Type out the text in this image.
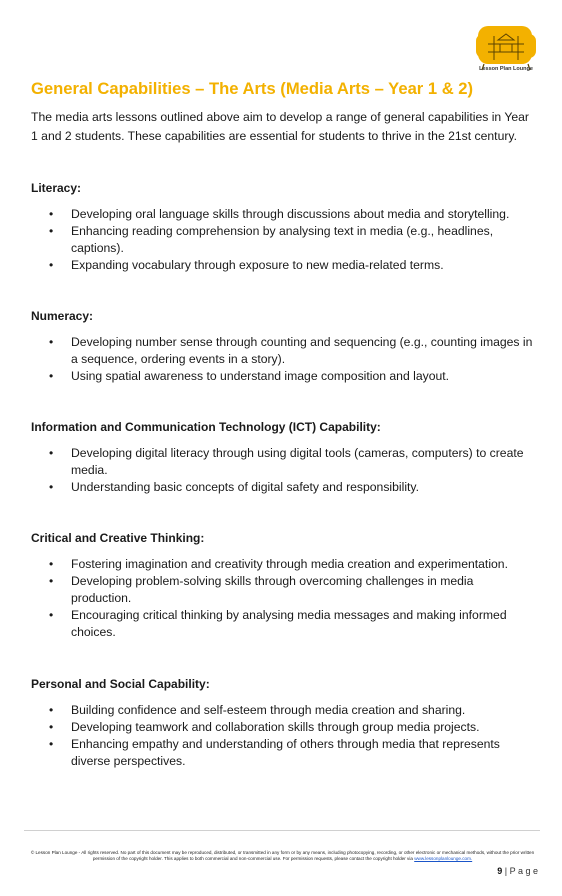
Lesson Plan Lounge
General Capabilities – The Arts (Media Arts – Year 1 & 2)
The media arts lessons outlined above aim to develop a range of general capabilities in Year 1 and 2 students. These capabilities are essential for students to thrive in the 21st century.
Literacy:
• Developing oral language skills through discussions about media and storytelling.
• Enhancing reading comprehension by analysing text in media (e.g., headlines, captions).
• Expanding vocabulary through exposure to new media-related terms.
Numeracy:
• Developing number sense through counting and sequencing (e.g., counting images in a sequence, ordering events in a story).
• Using spatial awareness to understand image composition and layout.
Information and Communication Technology (ICT) Capability:
• Developing digital literacy through using digital tools (cameras, computers) to create media.
• Understanding basic concepts of digital safety and responsibility.
Critical and Creative Thinking:
• Fostering imagination and creativity through media creation and experimentation.
• Developing problem-solving skills through overcoming challenges in media production.
• Encouraging critical thinking by analysing media messages and making informed choices.
Personal and Social Capability:
• Building confidence and self-esteem through media creation and sharing.
• Developing teamwork and collaboration skills through group media projects.
• Enhancing empathy and understanding of others through media that represents diverse perspectives.
© Lesson Plan Lounge - All rights reserved. No part of this document may be reproduced, distributed, or transmitted in any form or by any means, including photocopying, recording, or other electronic or mechanical methods, without the prior written permission of the copyright holder. This applies to both commercial and non-commercial use. For permission requests, please contact the copyright holder via www.lessonplanlounge.com.
9 | P a g e
